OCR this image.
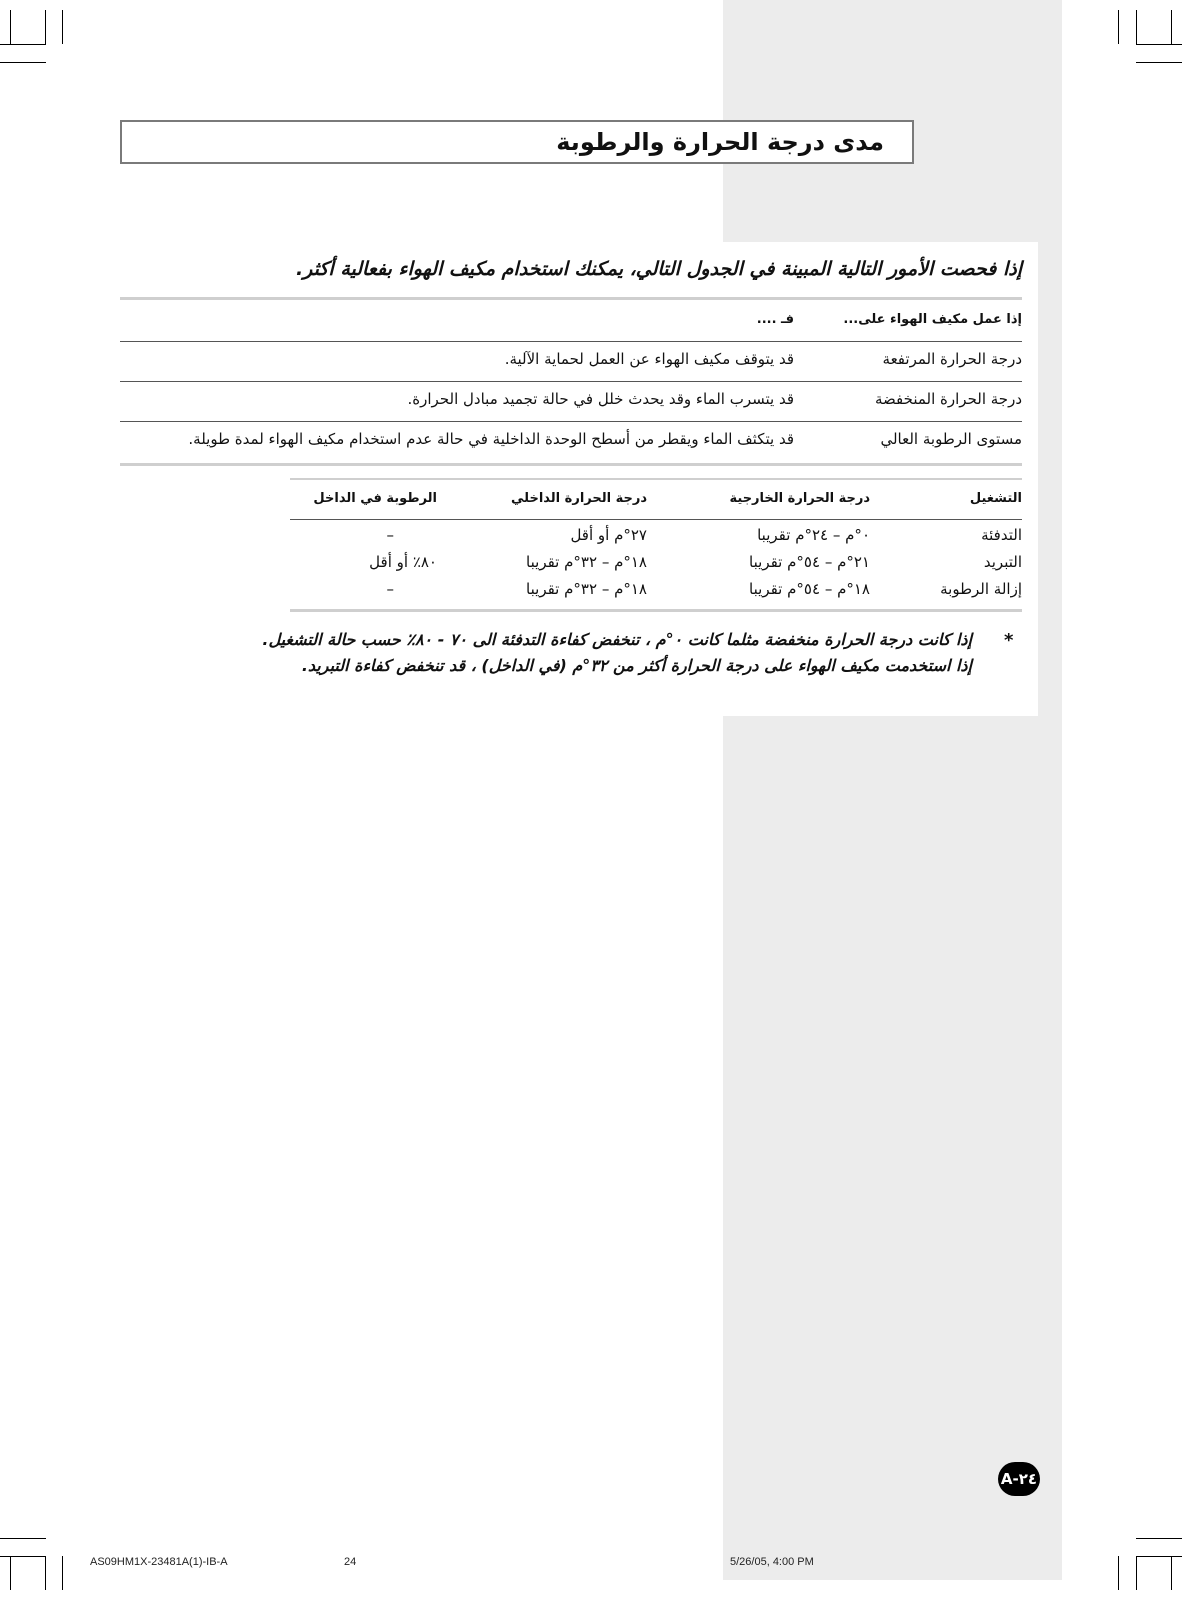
مدى درجة الحرارة والرطوبة
إذا فحصت الأمور التالية المبينة في الجدول التالي، يمكنك استخدام مكيف الهواء بفعالية أكثر.
إذا عمل مكيف الهواء على...
فـ ....
درجة الحرارة المرتفعة
قد يتوقف مكيف الهواء عن العمل لحماية الآلية.
درجة الحرارة المنخفضة
قد يتسرب الماء وقد يحدث خلل في حالة تجميد مبادل الحرارة.
مستوى الرطوبة العالي
قد يتكثف الماء ويقطر من أسطح الوحدة الداخلية في حالة عدم استخدام مكيف الهواء لمدة طويلة.
التشغيل
درجة الحرارة الخارجية
درجة الحرارة الداخلي
الرطوبة في الداخل
التدفئة
٠°م – ٢٤°م تقريبا
٢٧°م أو أقل
–
التبريد
٢١°م – ٥٤°م تقريبا
١٨°م – ٣٢°م تقريبا
٨٠٪ أو أقل
إزالة الرطوبة
١٨°م – ٥٤°م تقريبا
١٨°م – ٣٢°م تقريبا
–
*
إذا كانت درجة الحرارة منخفضة مثلما كانت ٠°م ، تنخفض كفاءة التدفئة الى ٧٠ - ٨٠٪ حسب حالة التشغيل.
إذا استخدمت مكيف الهواء على درجة الحرارة أكثر من ٣٢°م (في الداخل) ، قد تنخفض كفاءة التبريد.
A-٢٤
AS09HM1X-23481A(1)-IB-A	24	5/26/05, 4:00 PM
